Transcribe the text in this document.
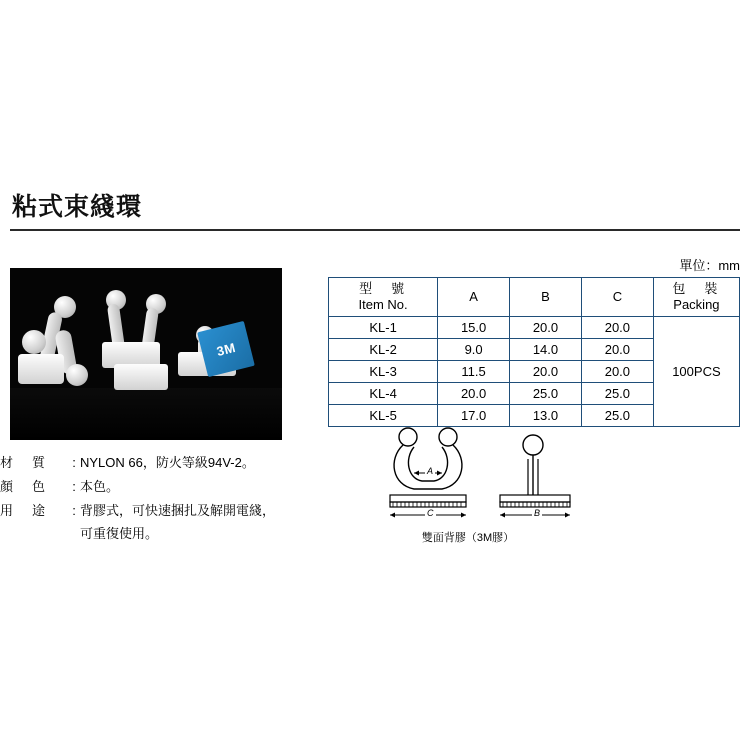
粘式束綫環
3M
材　質	: NYLON 66，防火等級94V-2。
顏　色	: 本色。
用　途	: 背膠式，可快速捆扎及解開電綫，
可重復使用。
單位：mm
型　號
Item No.	A	B	C	包　裝
Packing
KL-1	15.0	20.0	20.0	100PCS
KL-2	9.0	14.0	20.0	
KL-3	11.5	20.0	20.0	
KL-4	20.0	25.0	25.0	
KL-5	17.0	13.0	25.0	
A
C	B
雙面背膠（3M膠）
